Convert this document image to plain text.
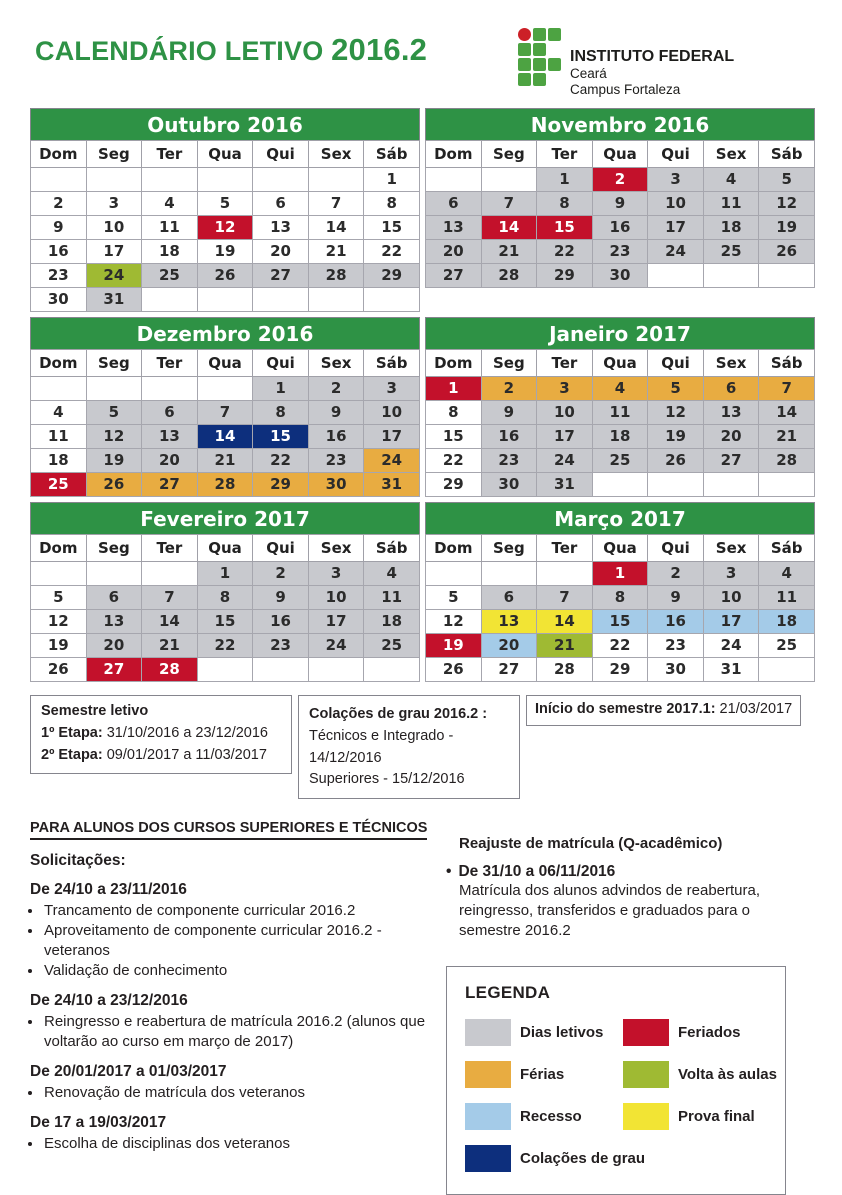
CALENDÁRIO LETIVO 2016.2	INSTITUTO FEDERAL
Ceará
Campus Fortaleza
Outubro 2016						
Dom	Seg	Ter	Qua	Qui	Sex	Sáb
						1
2	3	4	5	6	7	8
9	10	11	12	13	14	15
16	17	18	19	20	21	22
23	24	25	26	27	28	29
30	31					
Novembro 2016						
Dom	Seg	Ter	Qua	Qui	Sex	Sáb
		1	2	3	4	5
6	7	8	9	10	11	12
13	14	15	16	17	18	19
20	21	22	23	24	25	26
27	28	29	30			
Dezembro 2016						
Dom	Seg	Ter	Qua	Qui	Sex	Sáb
				1	2	3
4	5	6	7	8	9	10
11	12	13	14	15	16	17
18	19	20	21	22	23	24
25	26	27	28	29	30	31
Janeiro 2017						
Dom	Seg	Ter	Qua	Qui	Sex	Sáb
1	2	3	4	5	6	7
8	9	10	11	12	13	14
15	16	17	18	19	20	21
22	23	24	25	26	27	28
29	30	31				
Fevereiro 2017						
Dom	Seg	Ter	Qua	Qui	Sex	Sáb
			1	2	3	4
5	6	7	8	9	10	11
12	13	14	15	16	17	18
19	20	21	22	23	24	25
26	27	28				
Março 2017						
Dom	Seg	Ter	Qua	Qui	Sex	Sáb
			1	2	3	4
5	6	7	8	9	10	11
12	13	14	15	16	17	18
19	20	21	22	23	24	25
26	27	28	29	30	31	
Semestre letivo
1º Etapa: 31/10/2016 a 23/12/2016
2º Etapa: 09/01/2017 a 11/03/2017
Colações de grau 2016.2 :
Técnicos e Integrado - 14/12/2016
Superiores - 15/12/2016
Início do semestre 2017.1: 21/03/2017
PARA ALUNOS DOS CURSOS SUPERIORES E TÉCNICOS
Solicitações:
De 24/10 a 23/11/2016
• Trancamento de componente curricular 2016.2
• Aproveitamento de componente curricular 2016.2 - veteranos
• Validação de conhecimento
De 24/10 a 23/12/2016
• Reingresso e reabertura de matrícula 2016.2 (alunos que voltarão ao curso em março de 2017)
De 20/01/2017 a 01/03/2017
• Renovação de matrícula dos veteranos
De 17 a 19/03/2017
• Escolha de disciplinas dos veteranos
Reajuste de matrícula (Q-acadêmico)
• De 31/10 a 06/11/2016
Matrícula dos alunos advindos de reabertura, reingresso, transferidos e graduados para o semestre 2016.2
LEGENDA
Dias letivos	Feriados
Férias	Volta às aulas
Recesso	Prova final
Colações de grau
